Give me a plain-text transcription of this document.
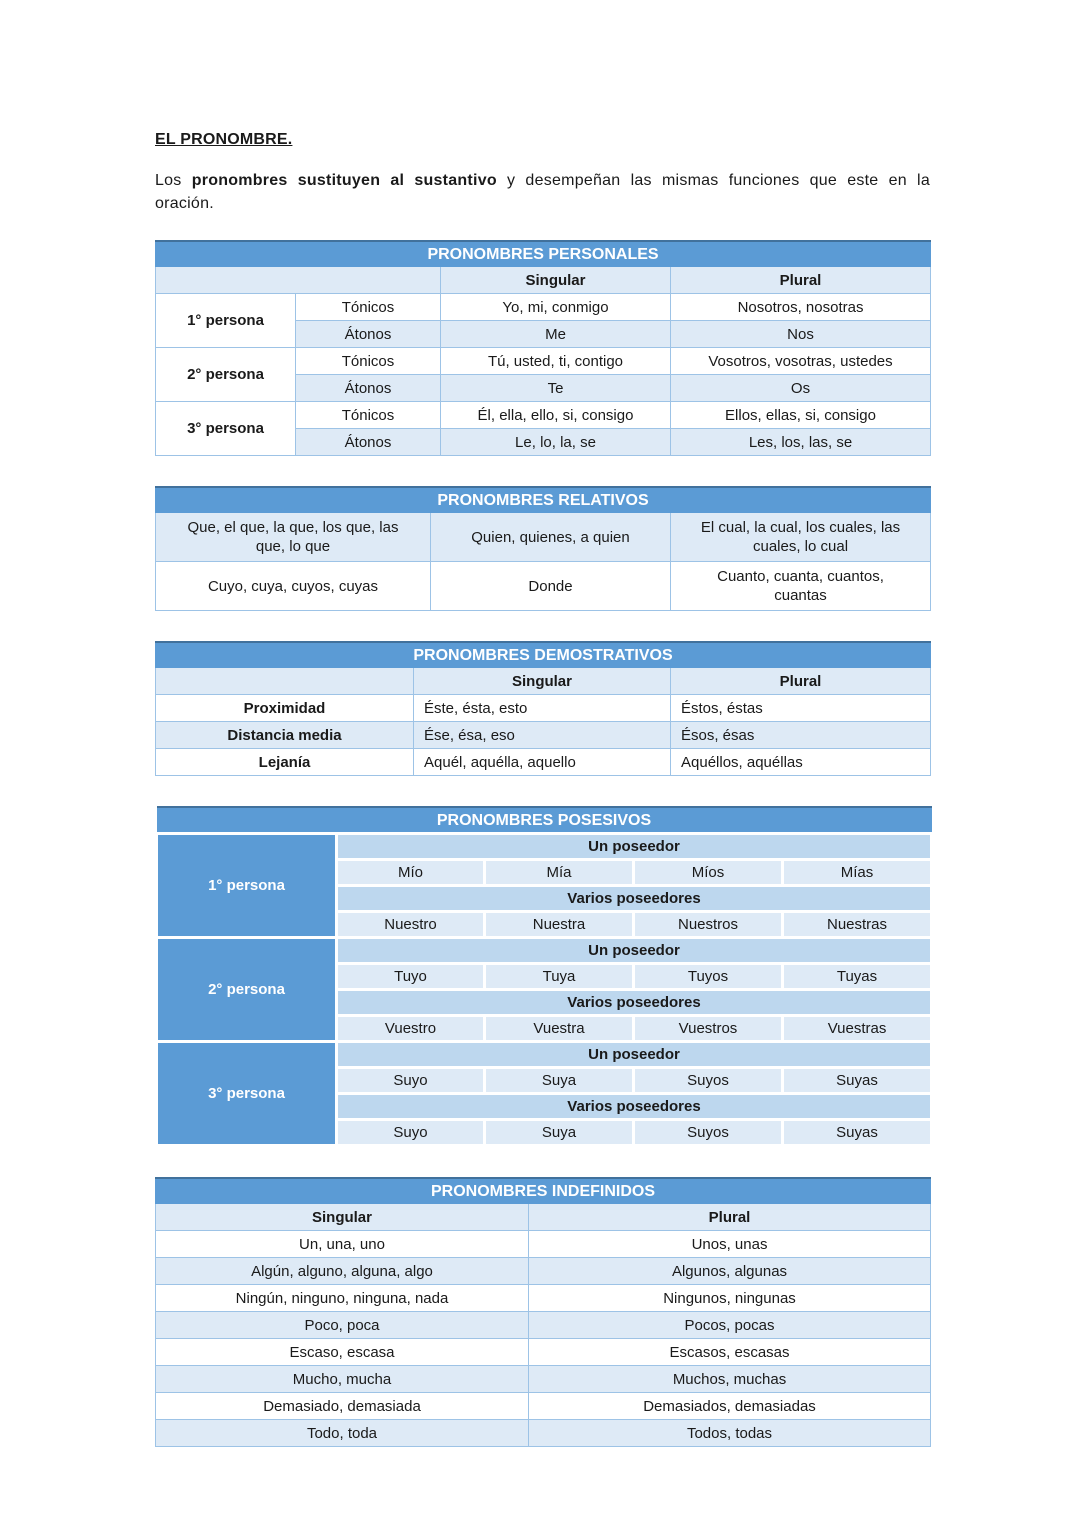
EL PRONOMBRE.

Los pronombres sustituyen al sustantivo y desempeñan las mismas funciones que este en la oración.

PRONOMBRES PERSONALES			
		Singular	Plural
1° persona	Tónicos	Yo, mi, conmigo	Nosotros, nosotras
	Átonos	Me	Nos
2° persona	Tónicos	Tú, usted, ti, contigo	Vosotros, vosotras, ustedes
	Átonos	Te	Os
3° persona	Tónicos	Él, ella, ello, si, consigo	Ellos, ellas, si, consigo
	Átonos	Le, lo, la, se	Les, los, las, se
PRONOMBRES RELATIVOS		
Que, el que, la que, los que, las que, lo que	Quien, quienes, a quien	El cual, la cual, los cuales, las cuales, lo cual
Cuyo, cuya, cuyos, cuyas	Donde	Cuanto, cuanta, cuantos, cuantas
PRONOMBRES DEMOSTRATIVOS		
	Singular	Plural
Proximidad	Éste, ésta, esto	Éstos, éstas
Distancia media	Ése, ésa, eso	Ésos, ésas
Lejanía	Aquél, aquélla, aquello	Aquéllos, aquéllas
PRONOMBRES POSESIVOS				
1° persona	Un poseedor			
	Mío	Mía	Míos	Mías
	Varios poseedores			
	Nuestro	Nuestra	Nuestros	Nuestras
2° persona	Un poseedor			
	Tuyo	Tuya	Tuyos	Tuyas
	Varios poseedores			
	Vuestro	Vuestra	Vuestros	Vuestras
3° persona	Un poseedor			
	Suyo	Suya	Suyos	Suyas
	Varios poseedores			
	Suyo	Suya	Suyos	Suyas
PRONOMBRES INDEFINIDOS	
Singular	Plural
Un, una, uno	Unos, unas
Algún, alguno, alguna, algo	Algunos, algunas
Ningún, ninguno, ninguna, nada	Ningunos, ningunas
Poco, poca	Pocos, pocas
Escaso, escasa	Escasos, escasas
Mucho, mucha	Muchos, muchas
Demasiado, demasiada	Demasiados, demasiadas
Todo, toda	Todos, todas
